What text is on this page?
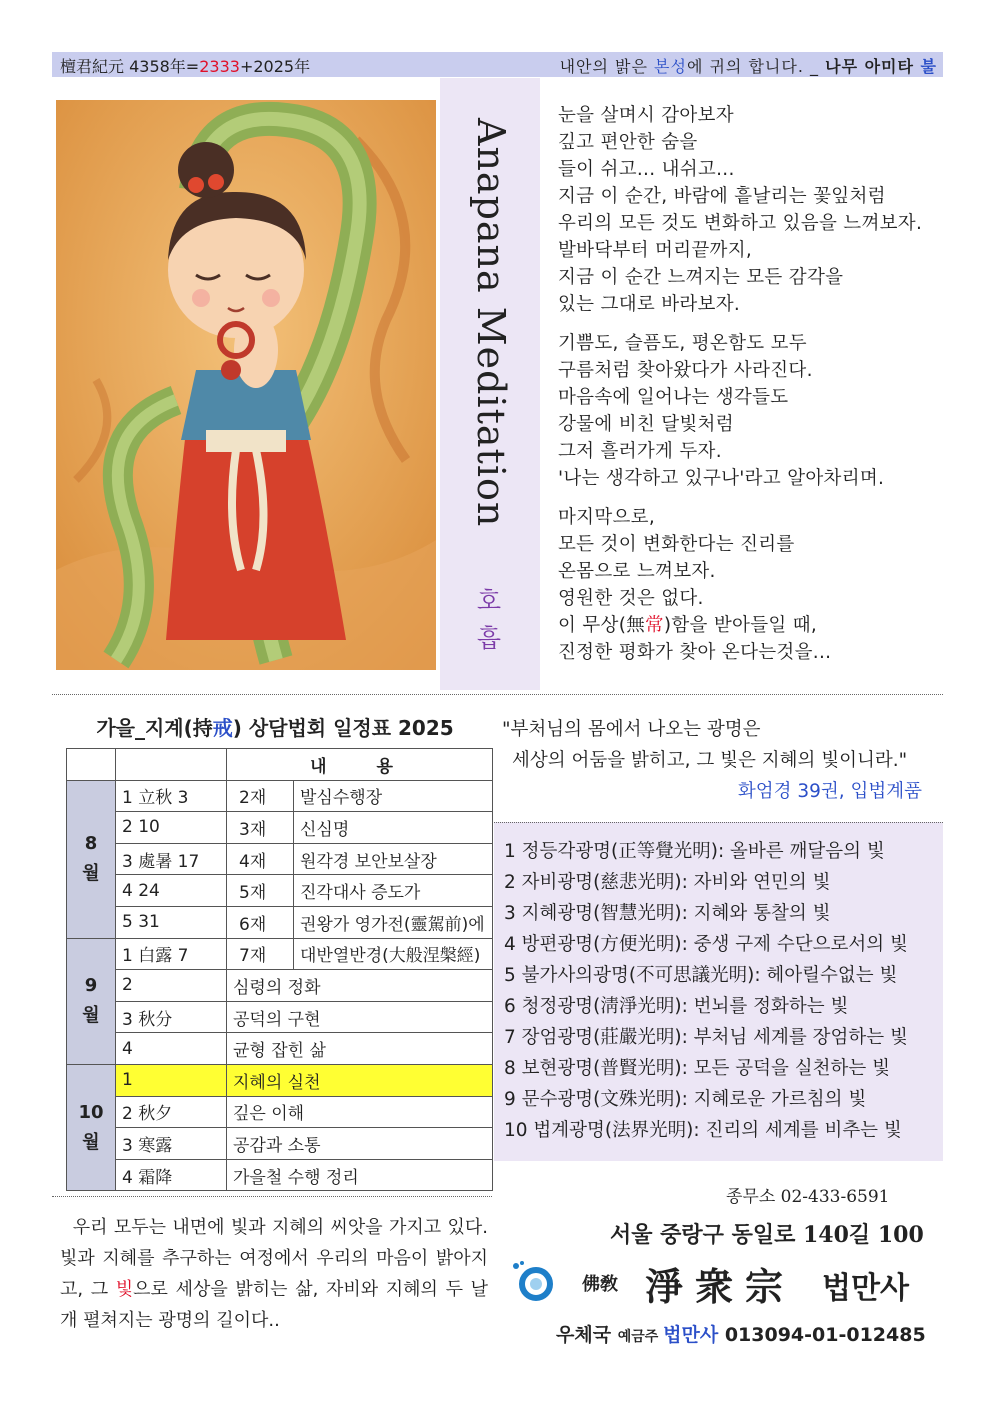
檀君紀元 4358年=2333+2025年	내안의 밝은 본성에 귀의 합니다. _ 나무 아미타 불
Anapana Meditation
호
흡
눈을 살며시 감아보자
깊고 편안한 숨을
들이 쉬고... 내쉬고...
지금 이 순간, 바람에 흩날리는 꽃잎처럼
우리의 모든 것도 변화하고 있음을 느껴보자.
발바닥부터 머리끝까지,
지금 이 순간 느껴지는 모든 감각을
있는 그대로 바라보자.
기쁨도, 슬픔도, 평온함도 모두
구름처럼 찾아왔다가 사라진다.
마음속에 일어나는 생각들도
강물에 비친 달빛처럼
그저 흘러가게 두자.
'나는 생각하고 있구나'라고 알아차리며.
마지막으로,
모든 것이 변화한다는 진리를
온몸으로 느껴보자.
영원한 것은 없다.
이 무상(無常)함을 받아들일 때,
진정한 평화가 찾아 온다는것을...
가을_지계(持戒) 상담법회 일정표 2025
		내 용	
8
월	1 立秋 3	2재	발심수행장
	2 10	3재	신심명
	3 處暑 17	4재	원각경 보안보살장
	4 24	5재	진각대사 증도가
	5 31	6재	권왕가 영가전(靈駕前)에
9
월	1 白露 7	7재	대반열반경(大般涅槃經)
	2	심령의 정화	
	3 秋分	공덕의 구현	
	4	균형 잡힌 삶	
10
월	1	지혜의 실천	
	2 秋夕	깊은 이해	
	3 寒露	공감과 소통	
	4 霜降	가을철 수행 정리	
"부처님의 몸에서 나오는 광명은
세상의 어둠을 밝히고, 그 빛은 지혜의 빛이니라."
화엄경 39권, 입법계품
1 정등각광명(正等覺光明): 올바른 깨달음의 빛
2 자비광명(慈悲光明): 자비와 연민의 빛
3 지혜광명(智慧光明): 지혜와 통찰의 빛
4 방편광명(方便光明): 중생 구제 수단으로서의 빛
5 불가사의광명(不可思議光明): 헤아릴수없는 빛
6 청정광명(淸淨光明): 번뇌를 정화하는 빛
7 장엄광명(莊嚴光明): 부처님 세계를 장엄하는 빛
8 보현광명(普賢光明): 모든 공덕을 실천하는 빛
9 문수광명(文殊光明): 지혜로운 가르침의 빛
10 법계광명(法界光明): 진리의 세계를 비추는 빛
우리 모두는 내면에 빛과 지혜의 씨앗을 가지고 있다. 빛과 지혜를 추구하는 여정에서 우리의 마음이 밝아지고, 그 빛으로 세상을 밝히는 삶, 자비와 지혜의 두 날개 펼쳐지는 광명의 길이다..
종무소 02-433-6591
서울 중랑구 동일로 140길 100
佛敎 淨衆宗 법만사
우체국 예금주 법만사 013094-01-012485
